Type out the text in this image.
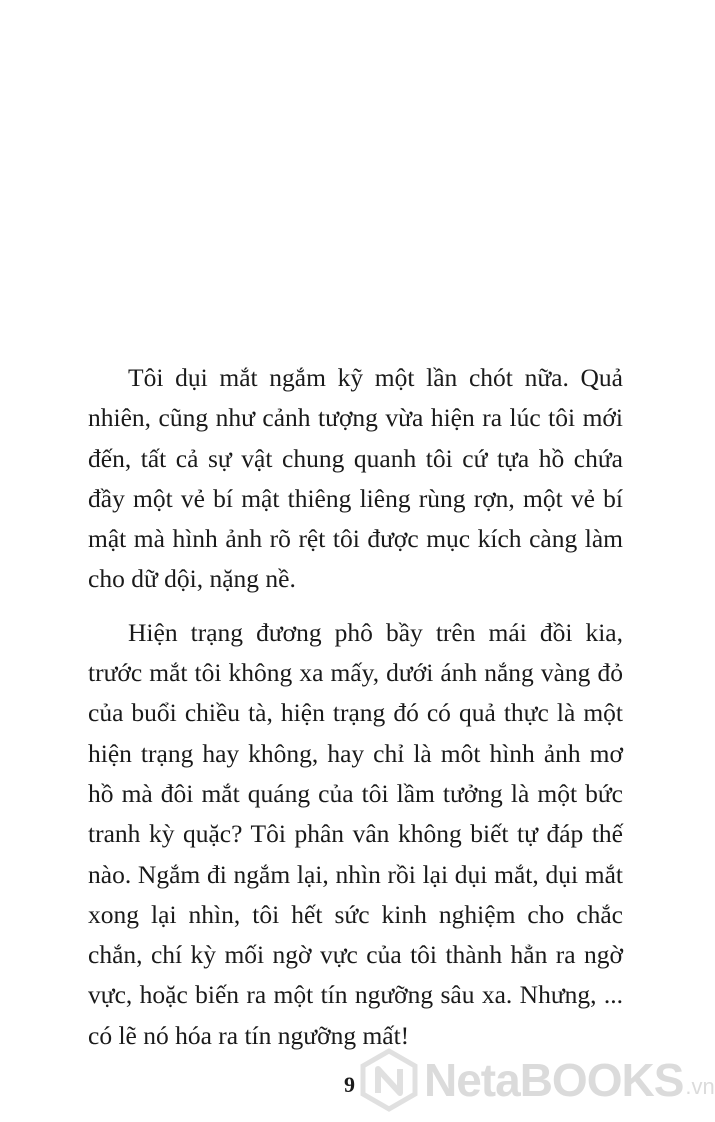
Tôi dụi mắt ngắm kỹ một lần chót nữa. Quả nhiên, cũng như cảnh tượng vừa hiện ra lúc tôi mới đến, tất cả sự vật chung quanh tôi cứ tựa hồ chứa đầy một vẻ bí mật thiêng liêng rùng rợn, một vẻ bí mật mà hình ảnh rõ rệt tôi được mục kích càng làm cho dữ dội, nặng nề.

Hiện trạng đương phô bầy trên mái đồi kia, trước mắt tôi không xa mấy, dưới ánh nắng vàng đỏ của buổi chiều tà, hiện trạng đó có quả thực là một hiện trạng hay không, hay chỉ là môt hình ảnh mơ hồ mà đôi mắt quáng của tôi lầm tưởng là một bức tranh kỳ quặc? Tôi phân vân không biết tự đáp thế nào. Ngắm đi ngắm lại, nhìn rồi lại dụi mắt, dụi mắt xong lại nhìn, tôi hết sức kinh nghiệm cho chắc chắn, chí kỳ mối ngờ vực của tôi thành hẳn ra ngờ vực, hoặc biến ra một tín ngưỡng sâu xa. Nhưng, ... có lẽ nó hóa ra tín ngưỡng mất!

9 NetaBOOKS .vn
